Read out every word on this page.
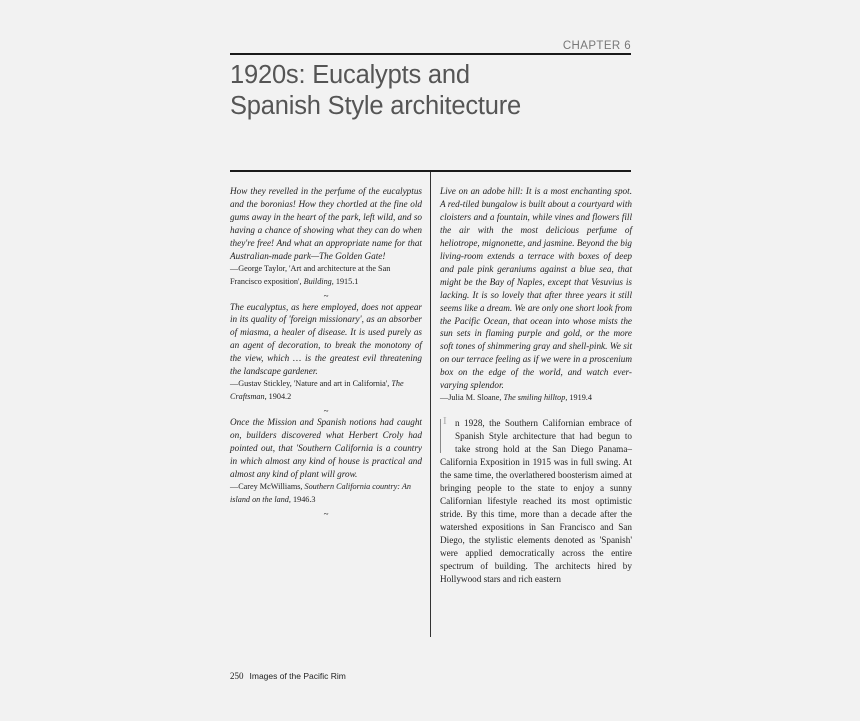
CHAPTER 6
1920s: Eucalypts and
Spanish Style architecture

How they revelled in the perfume of the eucalyptus and the boronias! How they chortled at the fine old gums away in the heart of the park, left wild, and so having a chance of showing what they can do when they're free! And what an appropriate name for that Australian-made park—The Golden Gate!

—George Taylor, 'Art and architecture at the San Francisco exposition', Building, 1915.1

~

The eucalyptus, as here employed, does not appear in its quality of 'foreign missionary', as an absorber of miasma, a healer of disease. It is used purely as an agent of decoration, to break the monotony of the view, which … is the greatest evil threatening the landscape gardener.

—Gustav Stickley, 'Nature and art in California', The Craftsman, 1904.2

~

Once the Mission and Spanish notions had caught on, builders discovered what Herbert Croly had pointed out, that 'Southern California is a country in which almost any kind of house is practical and almost any kind of plant will grow.

—Carey McWilliams, Southern California country: An island on the land, 1946.3

~

Live on an adobe hill: It is a most enchanting spot. A red-tiled bungalow is built about a courtyard with cloisters and a fountain, while vines and flowers fill the air with the most delicious perfume of heliotrope, mignonette, and jasmine. Beyond the big living-room extends a terrace with boxes of deep and pale pink geraniums against a blue sea, that might be the Bay of Naples, except that Vesuvius is lacking. It is so lovely that after three years it still seems like a dream. We are only one short look from the Pacific Ocean, that ocean into whose mists the sun sets in flaming purple and gold, or the more soft tones of shimmering gray and shell-pink. We sit on our terrace feeling as if we were in a proscenium box on the edge of the world, and watch ever-varying splendor.

—Julia M. Sloane, The smiling hilltop, 1919.4

I n 1928, the Southern Californian embrace of Spanish Style architecture that had begun to take strong hold at the San Diego Panama–California Exposition in 1915 was in full swing. At the same time, the overlathered boosterism aimed at bringing people to the state to enjoy a sunny Californian lifestyle reached its most optimistic stride. By this time, more than a decade after the watershed expositions in San Francisco and San Diego, the stylistic elements denoted as 'Spanish' were applied democratically across the entire spectrum of building. The architects hired by Hollywood stars and rich eastern

250 Images of the Pacific Rim
